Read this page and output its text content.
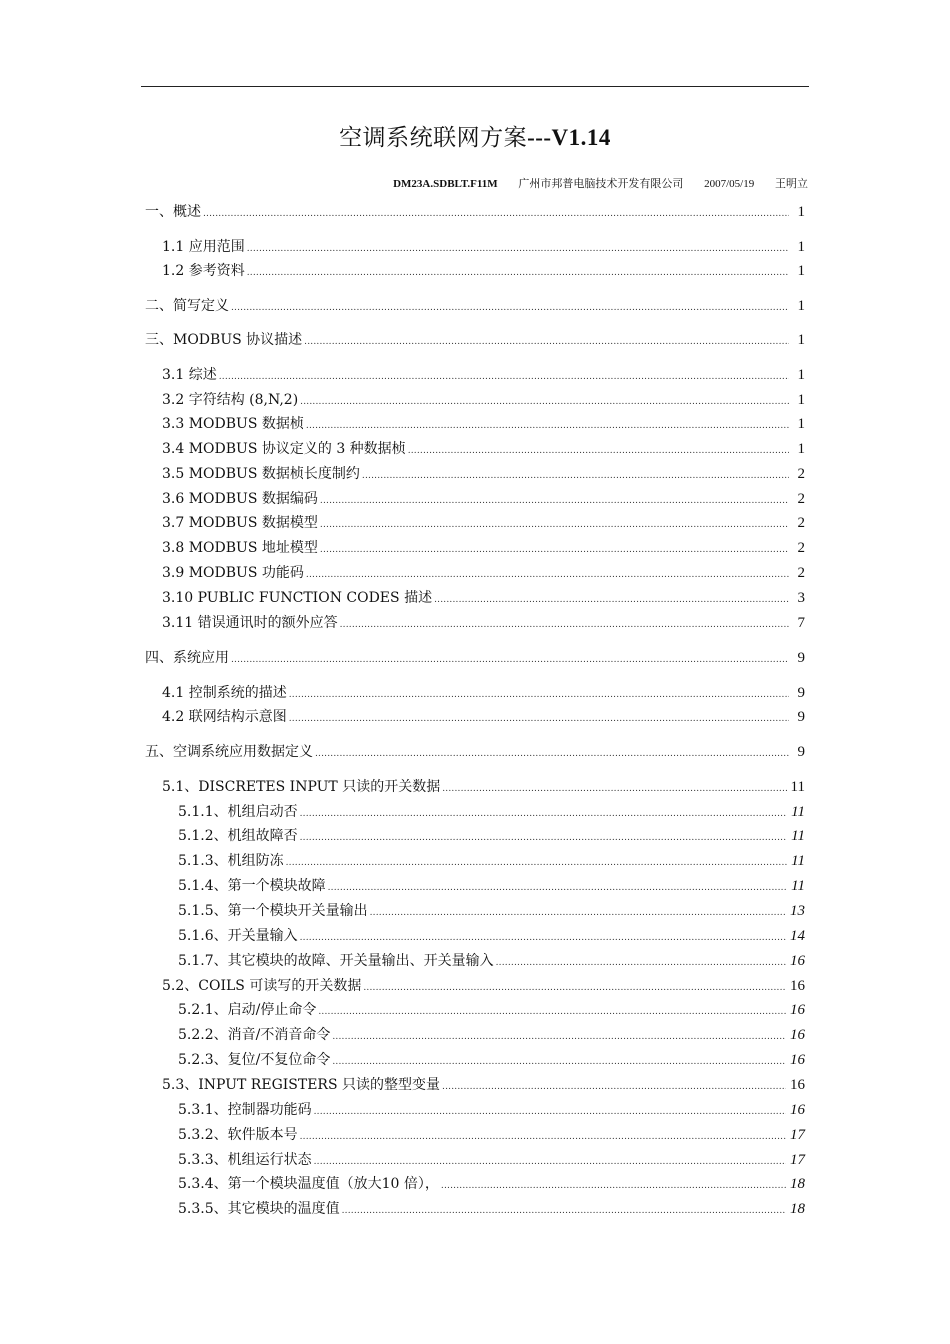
空调系统联网方案---V1.14
DM23A.SDBLT.F11M 广州市邦普电脑技术开发有限公司 2007/05/19 王明立
一、概述 .....	1
1.1 应用范围 .....	1
1.2 参考资料 .....	1
二、简写定义 .....	1
三、MODBUS 协议描述 .....	1
3.1 综述 .....	1
3.2 字符结构 (8,N,2) .....	1
3.3 MODBUS 数据桢 .....	1
3.4 MODBUS 协议定义的 3 种数据桢 .....	1
3.5 MODBUS 数据桢长度制约 .....	2
3.6 MODBUS 数据编码 .....	2
3.7 MODBUS 数据模型 .....	2
3.8 MODBUS 地址模型 .....	2
3.9 MODBUS 功能码 .....	2
3.10 PUBLIC FUNCTION CODES 描述 .....	3
3.11 错误通讯时的额外应答 .....	7
四、系统应用 .....	9
4.1 控制系统的描述 .....	9
4.2 联网结构示意图 .....	9
五、空调系统应用数据定义 .....	9
5.1、DISCRETES INPUT 只读的开关数据 .....	11
5.1.1、机组启动否 .....	11
5.1.2、机组故障否 .....	11
5.1.3、机组防冻 .....	11
5.1.4、第一个模块故障 .....	11
5.1.5、第一个模块开关量输出 .....	13
5.1.6、开关量输入 .....	14
5.1.7、其它模块的故障、开关量输出、开关量输入 .....	16
5.2、COILS 可读写的开关数据 .....	16
5.2.1、启动/停止命令 .....	16
5.2.2、消音/不消音命令 .....	16
5.2.3、复位/不复位命令 .....	16
5.3、INPUT REGISTERS 只读的整型变量 .....	16
5.3.1、控制器功能码 .....	16
5.3.2、软件版本号 .....	17
5.3.3、机组运行状态 .....	17
5.3.4、第一个模块温度值（放大10 倍）， .....	18
5.3.5、其它模块的温度值 .....	18
